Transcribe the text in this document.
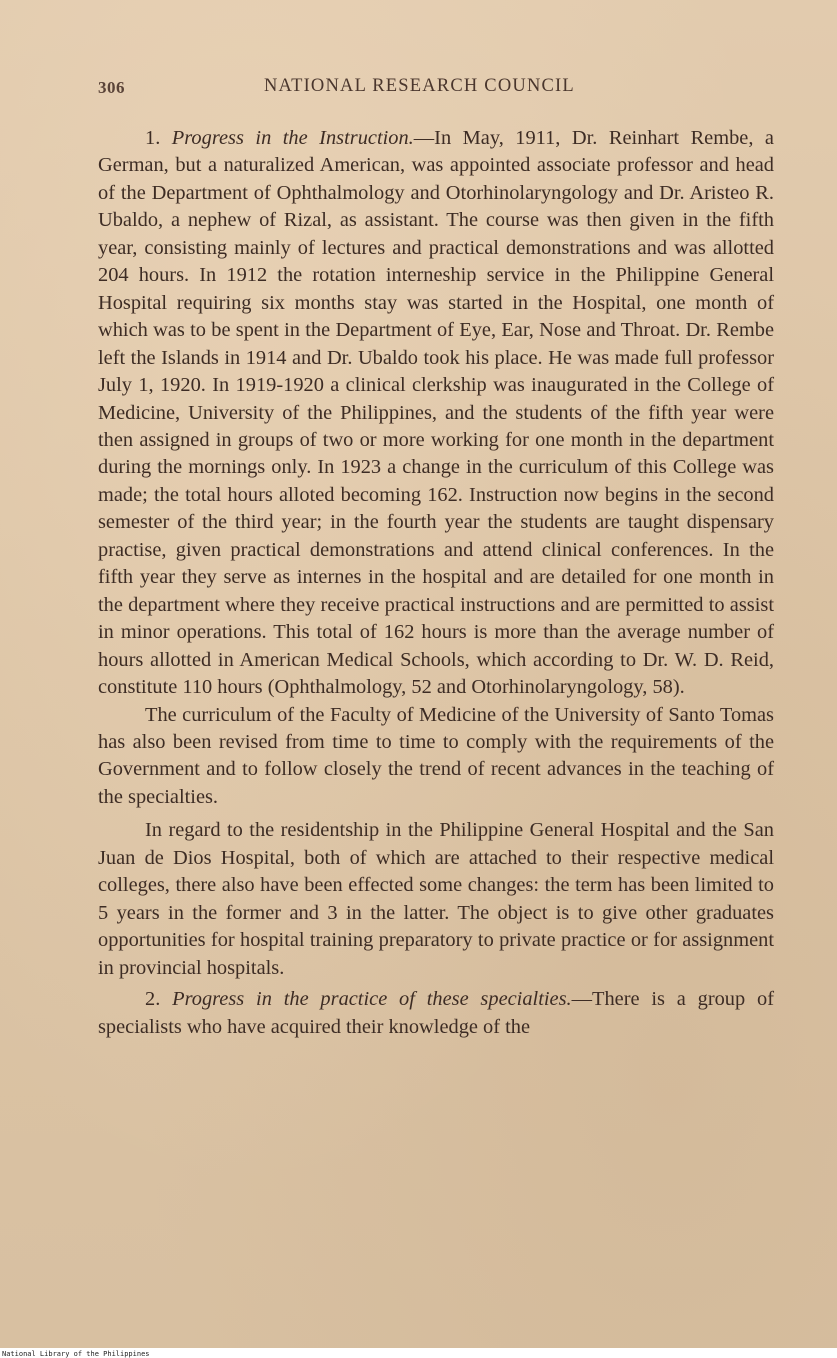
306	NATIONAL RESEARCH COUNCIL

1. Progress in the Instruction.—In May, 1911, Dr. Reinhart Rembe, a German, but a naturalized American, was appointed associate professor and head of the Department of Ophthalmology and Otorhinolaryngology and Dr. Aristeo R. Ubaldo, a nephew of Rizal, as assistant. The course was then given in the fifth year, consisting mainly of lectures and practical demonstrations and was allotted 204 hours. In 1912 the rotation interneship service in the Philippine General Hospital requiring six months stay was started in the Hospital, one month of which was to be spent in the Department of Eye, Ear, Nose and Throat. Dr. Rembe left the Islands in 1914 and Dr. Ubaldo took his place. He was made full professor July 1, 1920. In 1919-1920 a clinical clerkship was inaugurated in the College of Medicine, University of the Philippines, and the students of the fifth year were then assigned in groups of two or more working for one month in the department during the mornings only. In 1923 a change in the curriculum of this College was made; the total hours alloted becoming 162. Instruction now begins in the second semester of the third year; in the fourth year the students are taught dispensary practise, given practical demonstrations and attend clinical conferences. In the fifth year they serve as internes in the hospital and are detailed for one month in the department where they receive practical instructions and are permitted to assist in minor operations. This total of 162 hours is more than the average number of hours allotted in American Medical Schools, which according to Dr. W. D. Reid, constitute 110 hours (Ophthalmology, 52 and Otorhinolaryngology, 58).

The curriculum of the Faculty of Medicine of the University of Santo Tomas has also been revised from time to time to comply with the requirements of the Government and to follow closely the trend of recent advances in the teaching of the specialties.

In regard to the residentship in the Philippine General Hospital and the San Juan de Dios Hospital, both of which are attached to their respective medical colleges, there also have been effected some changes: the term has been limited to 5 years in the former and 3 in the latter. The object is to give other graduates opportunities for hospital training preparatory to private practice or for assignment in provincial hospitals.

2. Progress in the practice of these specialties.—There is a group of specialists who have acquired their knowledge of the

National Library of the Philippines
